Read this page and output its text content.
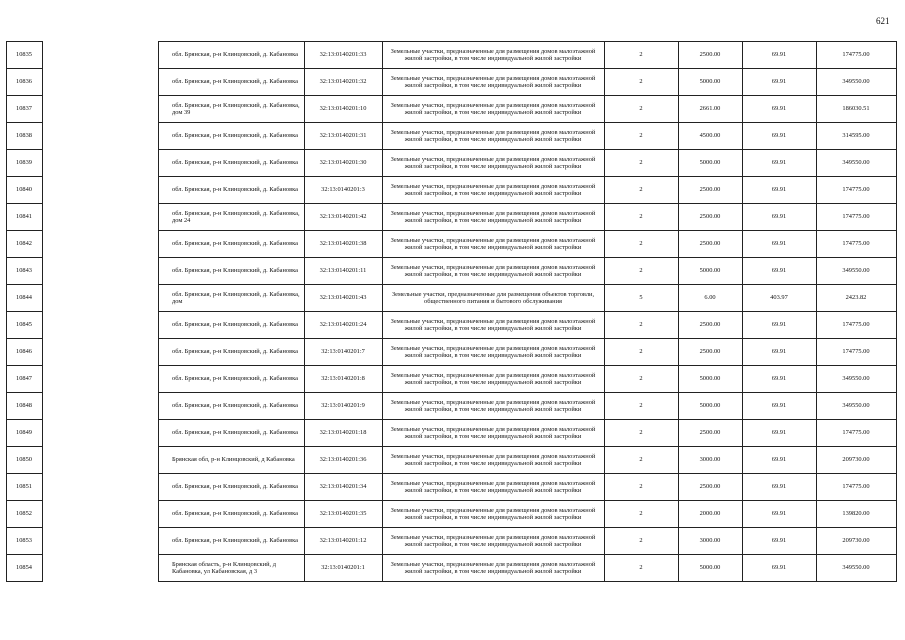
621
10835	обл. Брянская, р-н Клинцовский, д. Кабановка	32:13:0140201:33	Земельные участки, предназначенные для размещения домов малоэтажной жилой застройки, в том числе индивидуальной жилой застройки	2	2500.00	69.91	174775.00
10836	обл. Брянская, р-н Клинцовский, д. Кабановка	32:13:0140201:32	Земельные участки, предназначенные для размещения домов малоэтажной жилой застройки, в том числе индивидуальной жилой застройки	2	5000.00	69.91	349550.00
10837	обл. Брянская, р-н Клинцовский, д. Кабановка, дом 39	32:13:0140201:10	Земельные участки, предназначенные для размещения домов малоэтажной жилой застройки, в том числе индивидуальной жилой застройки	2	2661.00	69.91	186030.51
10838	обл. Брянская, р-н Клинцовский, д. Кабановка	32:13:0140201:31	Земельные участки, предназначенные для размещения домов малоэтажной жилой застройки, в том числе индивидуальной жилой застройки	2	4500.00	69.91	314595.00
10839	обл. Брянская, р-н Клинцовский, д. Кабановка	32:13:0140201:30	Земельные участки, предназначенные для размещения домов малоэтажной жилой застройки, в том числе индивидуальной жилой застройки	2	5000.00	69.91	349550.00
10840	обл. Брянская, р-н Клинцовский, д. Кабановка	32:13:0140201:3	Земельные участки, предназначенные для размещения домов малоэтажной жилой застройки, в том числе индивидуальной жилой застройки	2	2500.00	69.91	174775.00
10841	обл. Брянская, р-н Клинцовский, д. Кабановка, дом 24	32:13:0140201:42	Земельные участки, предназначенные для размещения домов малоэтажной жилой застройки, в том числе индивидуальной жилой застройки	2	2500.00	69.91	174775.00
10842	обл. Брянская, р-н Клинцовский, д. Кабановка	32:13:0140201:38	Земельные участки, предназначенные для размещения домов малоэтажной жилой застройки, в том числе индивидуальной жилой застройки	2	2500.00	69.91	174775.00
10843	обл. Брянская, р-н Клинцовский, д. Кабановка	32:13:0140201:11	Земельные участки, предназначенные для размещения домов малоэтажной жилой застройки, в том числе индивидуальной жилой застройки	2	5000.00	69.91	349550.00
10844	обл. Брянская, р-н Клинцовский, д. Кабановка, дом	32:13:0140201:43	Земельные участки, предназначенные для размещения объектов торговли, общественного питания и бытового обслуживания	5	6.00	403.97	2423.82
10845	обл. Брянская, р-н Клинцовский, д. Кабановка	32:13:0140201:24	Земельные участки, предназначенные для размещения домов малоэтажной жилой застройки, в том числе индивидуальной жилой застройки	2	2500.00	69.91	174775.00
10846	обл. Брянская, р-н Клинцовский, д. Кабановка	32:13:0140201:7	Земельные участки, предназначенные для размещения домов малоэтажной жилой застройки, в том числе индивидуальной жилой застройки	2	2500.00	69.91	174775.00
10847	обл. Брянская, р-н Клинцовский, д. Кабановка	32:13:0140201:8	Земельные участки, предназначенные для размещения домов малоэтажной жилой застройки, в том числе индивидуальной жилой застройки	2	5000.00	69.91	349550.00
10848	обл. Брянская, р-н Клинцовский, д. Кабановка	32:13:0140201:9	Земельные участки, предназначенные для размещения домов малоэтажной жилой застройки, в том числе индивидуальной жилой застройки	2	5000.00	69.91	349550.00
10849	обл. Брянская, р-н Клинцовский, д. Кабановка	32:13:0140201:18	Земельные участки, предназначенные для размещения домов малоэтажной жилой застройки, в том числе индивидуальной жилой застройки	2	2500.00	69.91	174775.00
10850	Брянская обл, р-н Клинцовский, д Кабановка	32:13:0140201:36	Земельные участки, предназначенные для размещения домов малоэтажной жилой застройки, в том числе индивидуальной жилой застройки	2	3000.00	69.91	209730.00
10851	обл. Брянская, р-н Клинцовский, д. Кабановка	32:13:0140201:34	Земельные участки, предназначенные для размещения домов малоэтажной жилой застройки, в том числе индивидуальной жилой застройки	2	2500.00	69.91	174775.00
10852	обл. Брянская, р-н Клинцовский, д. Кабановка	32:13:0140201:35	Земельные участки, предназначенные для размещения домов малоэтажной жилой застройки, в том числе индивидуальной жилой застройки	2	2000.00	69.91	139820.00
10853	обл. Брянская, р-н Клинцовский, д. Кабановка	32:13:0140201:12	Земельные участки, предназначенные для размещения домов малоэтажной жилой застройки, в том числе индивидуальной жилой застройки	2	3000.00	69.91	209730.00
10854	Брянская область, р-н Клинцовский, д Кабановка, ул Кабановская, д 3	32:13:0140201:1	Земельные участки, предназначенные для размещения домов малоэтажной жилой застройки, в том числе индивидуальной жилой застройки	2	5000.00	69.91	349550.00
